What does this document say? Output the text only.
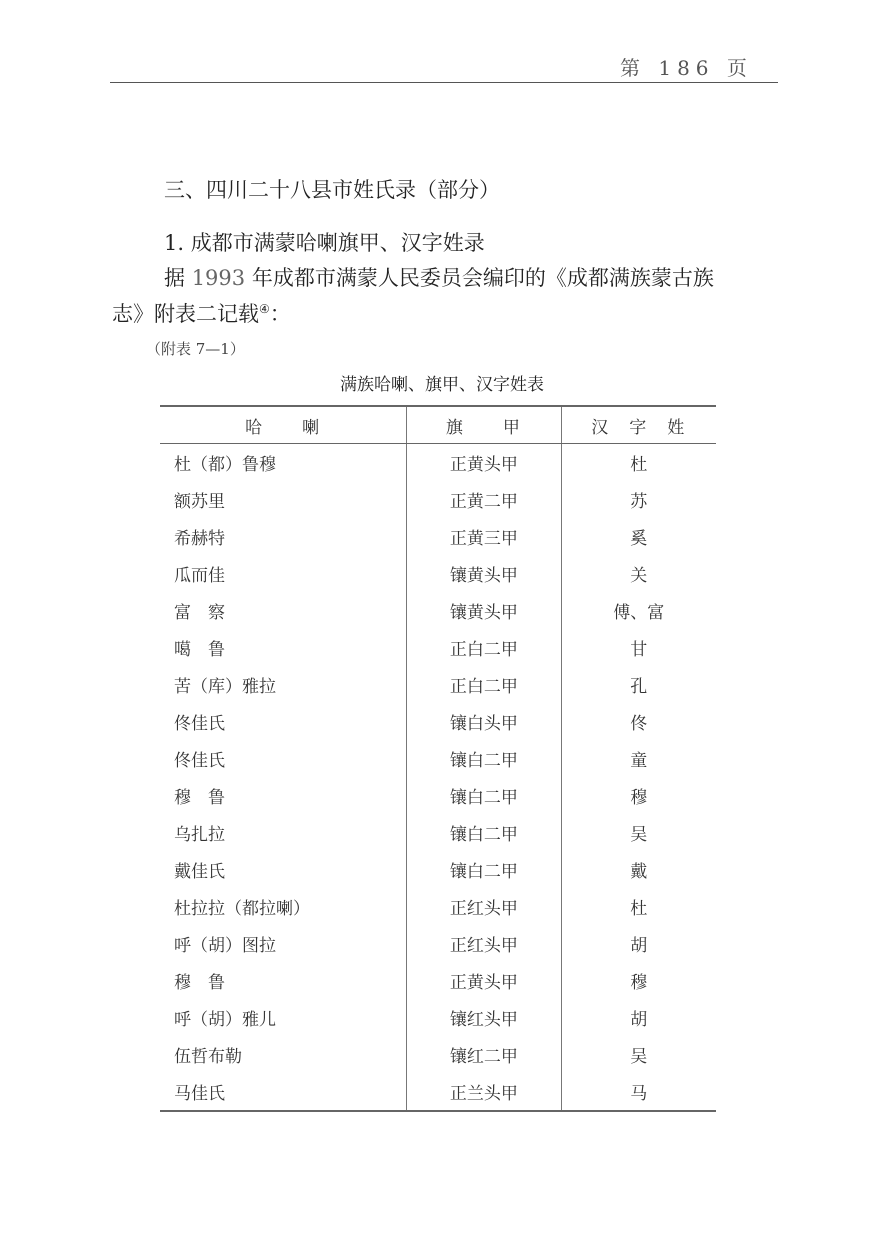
第 186 页
三、四川二十八县市姓氏录（部分）
1. 成都市满蒙哈喇旗甲、汉字姓录
据 1993 年成都市满蒙人民委员会编印的《成都满族蒙古族
志》附表二记载④：
（附表 7—1）
满族哈喇、旗甲、汉字姓表
哈　　喇	旗　　甲	汉　字　姓
杜（都）鲁穆	正黄头甲	杜
额苏里	正黄二甲	苏
希赫特	正黄三甲	奚
瓜而佳	镶黄头甲	关
富　察	镶黄头甲	傅、富
噶　鲁	正白二甲	甘
苦（库）雅拉	正白二甲	孔
佟佳氏	镶白头甲	佟
佟佳氏	镶白二甲	童
穆　鲁	镶白二甲	穆
乌扎拉	镶白二甲	吴
戴佳氏	镶白二甲	戴
杜拉拉（都拉喇）	正红头甲	杜
呼（胡）图拉	正红头甲	胡
穆　鲁	正黄头甲	穆
呼（胡）雅儿	镶红头甲	胡
伍哲布勒	镶红二甲	吴
马佳氏	正兰头甲	马
